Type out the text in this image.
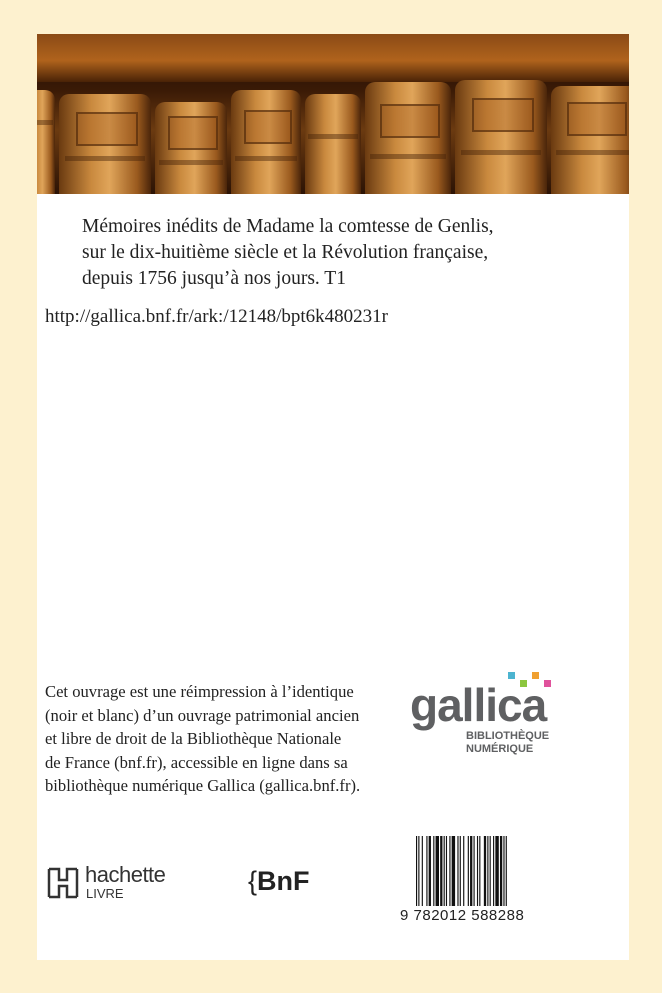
Mémoires inédits de Madame la comtesse de Genlis,
sur le dix-huitième siècle et la Révolution française,
depuis 1756 jusqu’à nos jours. T1
http://gallica.bnf.fr/ark:/12148/bpt6k480231r
Cet ouvrage est une réimpression à l’identique
(noir et blanc) d’un ouvrage patrimonial ancien
et libre de droit de la Bibliothèque Nationale
de France (bnf.fr), accessible en ligne dans sa
bibliothèque numérique Gallica (gallica.bnf.fr).
gallica
BIBLIOTHÈQUE
NUMÉRIQUE
hachette
LIVRE	{BnF
9 782012 588288
